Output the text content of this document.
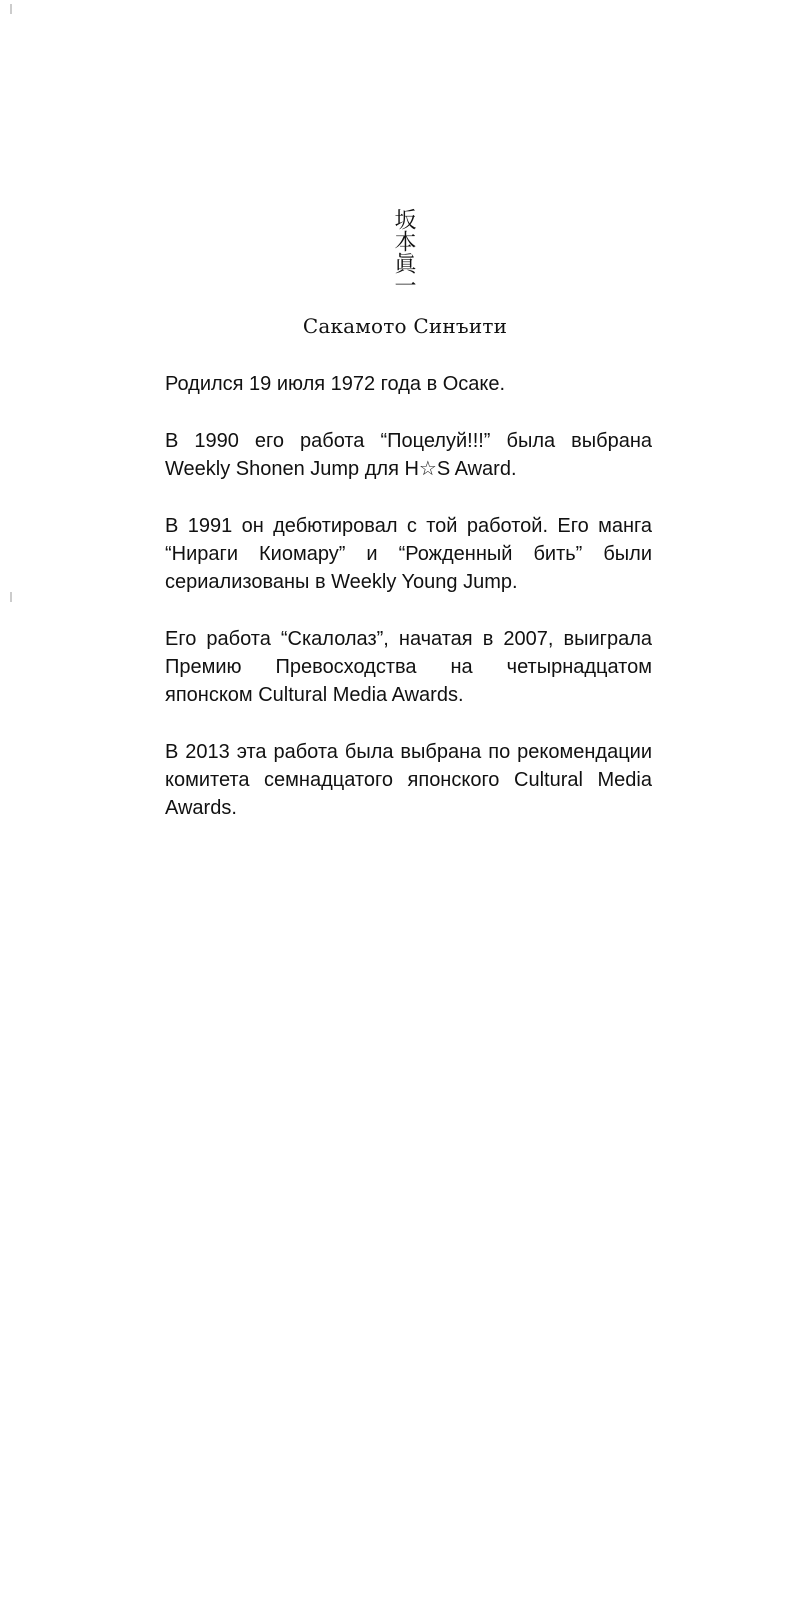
坂本眞一
Сакамото Синъити

Родился 19 июля 1972 года в Осаке.

В 1990 его работа “Поцелуй!!!” была выбрана Weekly Shonen Jump для H☆S Award.

В 1991 он дебютировал с той работой. Его манга “Нираги Киомару” и “Рожденный бить” были сериализованы в Weekly Young Jump.

Его работа “Скалолаз”, начатая в 2007, выиграла Премию Превосходства на четырнадцатом японском Cultural Media Awards.

В 2013 эта работа была выбрана по рекомендации комитета семнадцатого японского Cultural Media Awards.
